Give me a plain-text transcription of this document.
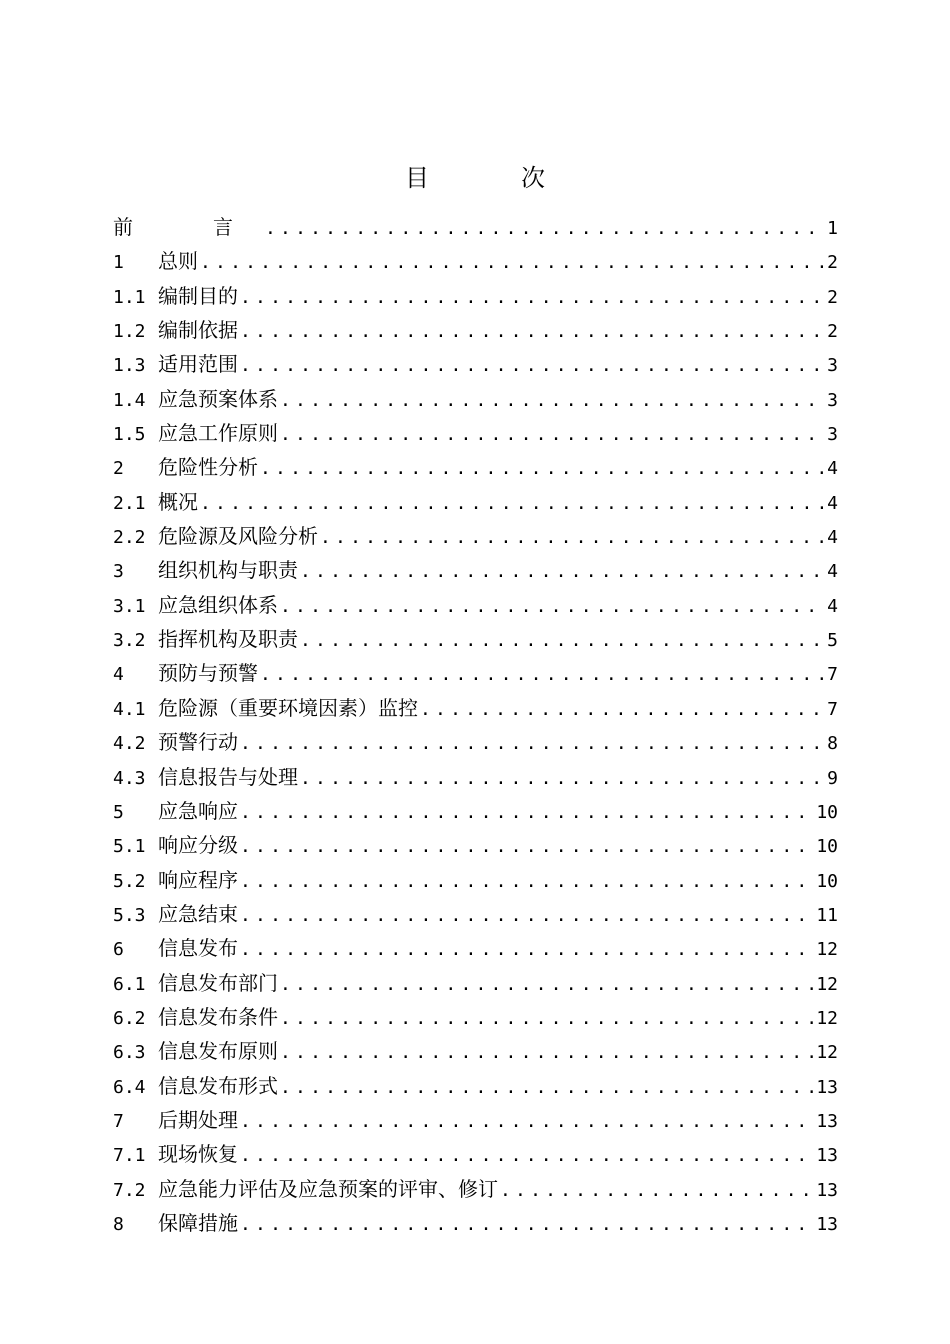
目　次
前　言 .....	1
1	总则 .....	2
1.1 编制目的 .....	2
1.2 编制依据 .....	2
1.3 适用范围 .....	3
1.4 应急预案体系 .....	3
1.5 应急工作原则 .....	3
2	危险性分析 .....	4
2.1 概况 .....	4
2.2 危险源及风险分析 .....	4
3	组织机构与职责 .....	4
3.1 应急组织体系 .....	4
3.2 指挥机构及职责 .....	5
4	预防与预警 .....	7
4.1 危险源（重要环境因素）监控 .....	7
4.2 预警行动 .....	8
4.3 信息报告与处理 .....	9
5	应急响应 .....	10
5.1 响应分级 .....	10
5.2 响应程序 .....	10
5.3 应急结束 .....	11
6	信息发布 .....	12
6.1 信息发布部门 .....	12
6.2 信息发布条件 .....	12
6.3 信息发布原则 .....	12
6.4 信息发布形式 .....	13
7	后期处理 .....	13
7.1 现场恢复 .....	13
7.2 应急能力评估及应急预案的评审、修订 .....	13
8	保障措施 .....	13
